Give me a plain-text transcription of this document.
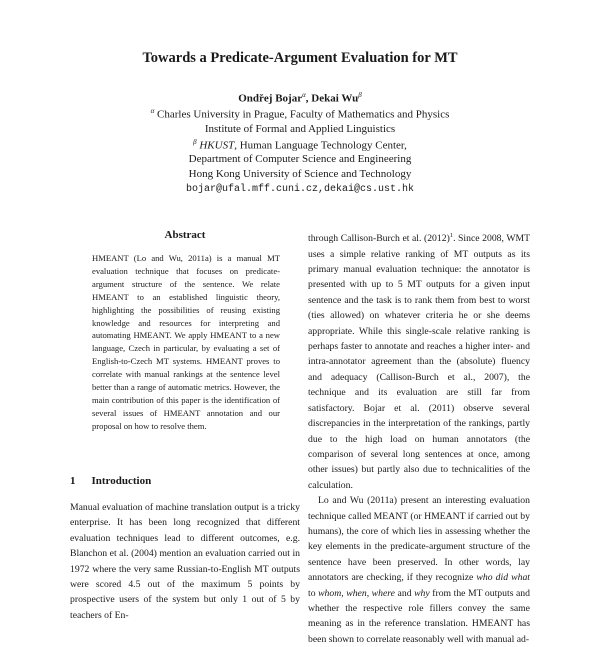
Towards a Predicate-Argument Evaluation for MT
Ondřej Bojar$^\alpha$, Dekai $Wu^\beta$
$^\alpha$ Charles University in Prague, Faculty of Mathematics and Physics
Institute of Formal and Applied Linguistics
$^\beta$ HKUST, Human Language Technology Center,
Department of Computer Science and Engineering
Hong Kong University of Science and Technology
bojar@ufal.mff.cuni.cz,dekai@cs.ust.hk
Abstract
HMEANT (Lo and Wu, 2011a) is a manual MT evaluation technique that focuses on predicate-argument structure of the sentence. We relate HMEANT to an established linguistic theory, highlighting the possibilities of reusing existing knowledge and resources for interpreting and automating HMEANT. We apply HMEANT to a new language, Czech in particular, by evaluating a set of English-to-Czech MT systems. HMEANT proves to correlate with manual rankings at the sentence level better than a range of automatic metrics. However, the main contribution of this paper is the identification of several issues of HMEANT annotation and our proposal on how to resolve them.
1 Introduction
Manual evaluation of machine translation output is a tricky enterprise. It has been long recognized that different evaluation techniques lead to different outcomes, e.g. Blanchon et al. (2004) mention an evaluation carried out in 1972 where the very same Russian-to-English MT outputs were scored 4.5 out of the maximum 5 points by prospective users of the system but only 1 out of 5 by teachers of En-

through Callison-Burch et al. (2012)$^1$. Since 2008, WMT uses a simple relative ranking of MT outputs as its primary manual evaluation technique: the annotator is presented with up to 5 MT outputs for a given input sentence and the task is to rank them from best to worst (ties allowed) on whatever criteria he or she deems appropriate. While this single-scale relative ranking is perhaps faster to annotate and reaches a higher inter- and intra-annotator agreement than the (absolute) fluency and adequacy (Callison-Burch et al., 2007), the technique and its evaluation are still far from satisfactory. Bojar et al. (2011) observe several discrepancies in the interpretation of the rankings, partly due to the high load on human annotators (the comparison of several long sentences at once, among other issues) but partly also due to technicalities of the calculation.

Lo and Wu (2011a) present an interesting evaluation technique called MEANT (or HMEANT if carried out by humans), the core of which lies in assessing whether the key elements in the predicate-argument structure of the sentence have been preserved. In other words, lay annotators are checking, if they recognize who did what to whom, when, where and why from the MT outputs and whether the respective role fillers convey the same meaning as in the reference translation. HMEANT has been shown to correlate reasonably well with manual ad-
